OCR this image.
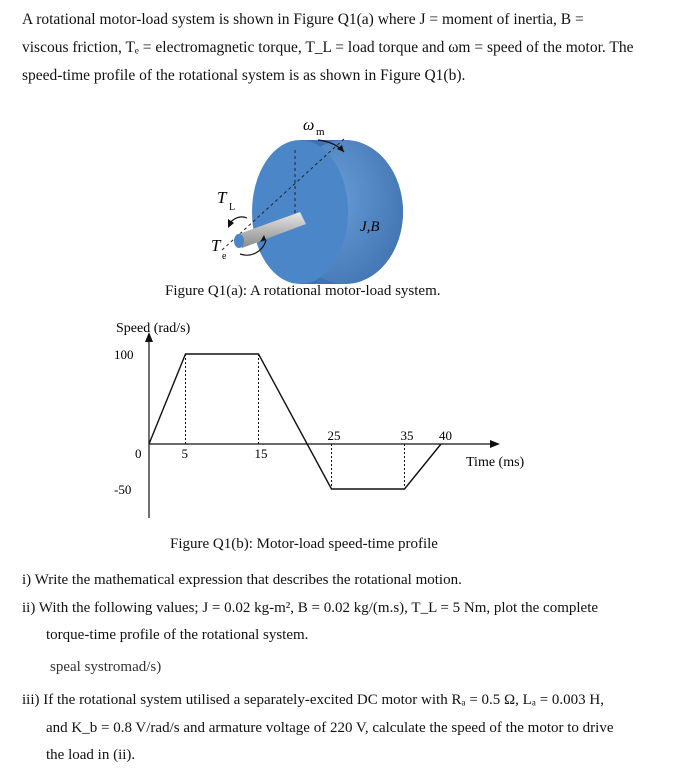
A rotational motor-load system is shown in Figure Q1(a) where J = moment of inertia, B =
viscous friction, Tₑ = electromagnetic torque, T_L = load torque and ωm = speed of the motor. The
speed-time profile of the rotational system is as shown in Figure Q1(b).
ω m
J,B
T
L
T
e
Figure Q1(a): A rotational motor-load system.
Speed (rad/s)
Time (ms)
0	5	15
25	35 40
100
-50
Figure Q1(b): Motor-load speed-time profile
i) Write the mathematical expression that describes the rotational motion.
ii) With the following values; J = 0.02 kg-m², B = 0.02 kg/(m.s), T_L = 5 Nm, plot the complete
torque-time profile of the rotational system.
speal systromad/s)
iii) If the rotational system utilised a separately-excited DC motor with Rₐ = 0.5 Ω, Lₐ = 0.003 H,
and K_b = 0.8 V/rad/s and armature voltage of 220 V, calculate the speed of the motor to drive
the load in (ii).
